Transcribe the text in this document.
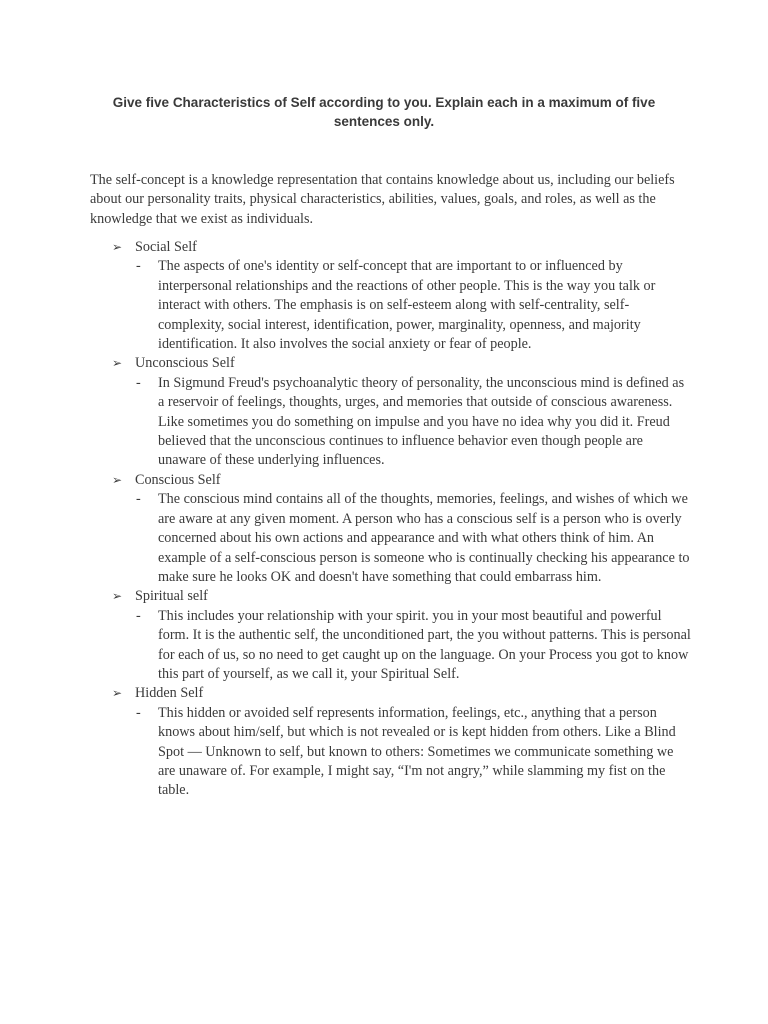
Give five Characteristics of Self according to you. Explain each in a maximum of five sentences only.

The self-concept is a knowledge representation that contains knowledge about us, including our beliefs about our personality traits, physical characteristics, abilities, values, goals, and roles, as well as the knowledge that we exist as individuals.

➢ Social Self
-	The aspects of one's identity or self-concept that are important to or influenced by interpersonal relationships and the reactions of other people. This is the way you talk or interact with others. The emphasis is on self-esteem along with self-centrality, self-complexity, social interest, identification, power, marginality, openness, and majority identification. It also involves the social anxiety or fear of people.
➢ Unconscious Self
-	In Sigmund Freud's psychoanalytic theory of personality, the unconscious mind is defined as a reservoir of feelings, thoughts, urges, and memories that outside of conscious awareness. Like sometimes you do something on impulse and you have no idea why you did it. Freud believed that the unconscious continues to influence behavior even though people are unaware of these underlying influences.
➢ Conscious Self
-	The conscious mind contains all of the thoughts, memories, feelings, and wishes of which we are aware at any given moment. A person who has a conscious self is a person who is overly concerned about his own actions and appearance and with what others think of him. An example of a self-conscious person is someone who is continually checking his appearance to make sure he looks OK and doesn't have something that could embarrass him.
➢ Spiritual self
-	This includes your relationship with your spirit. you in your most beautiful and powerful form. It is the authentic self, the unconditioned part, the you without patterns. This is personal for each of us, so no need to get caught up on the language. On your Process you got to know this part of yourself, as we call it, your Spiritual Self.
➢ Hidden Self
-	This hidden or avoided self represents information, feelings, etc., anything that a person knows about him/self, but which is not revealed or is kept hidden from others. Like a Blind Spot — Unknown to self, but known to others: Sometimes we communicate something we are unaware of. For example, I might say, “I'm not angry,” while slamming my fist on the table.
